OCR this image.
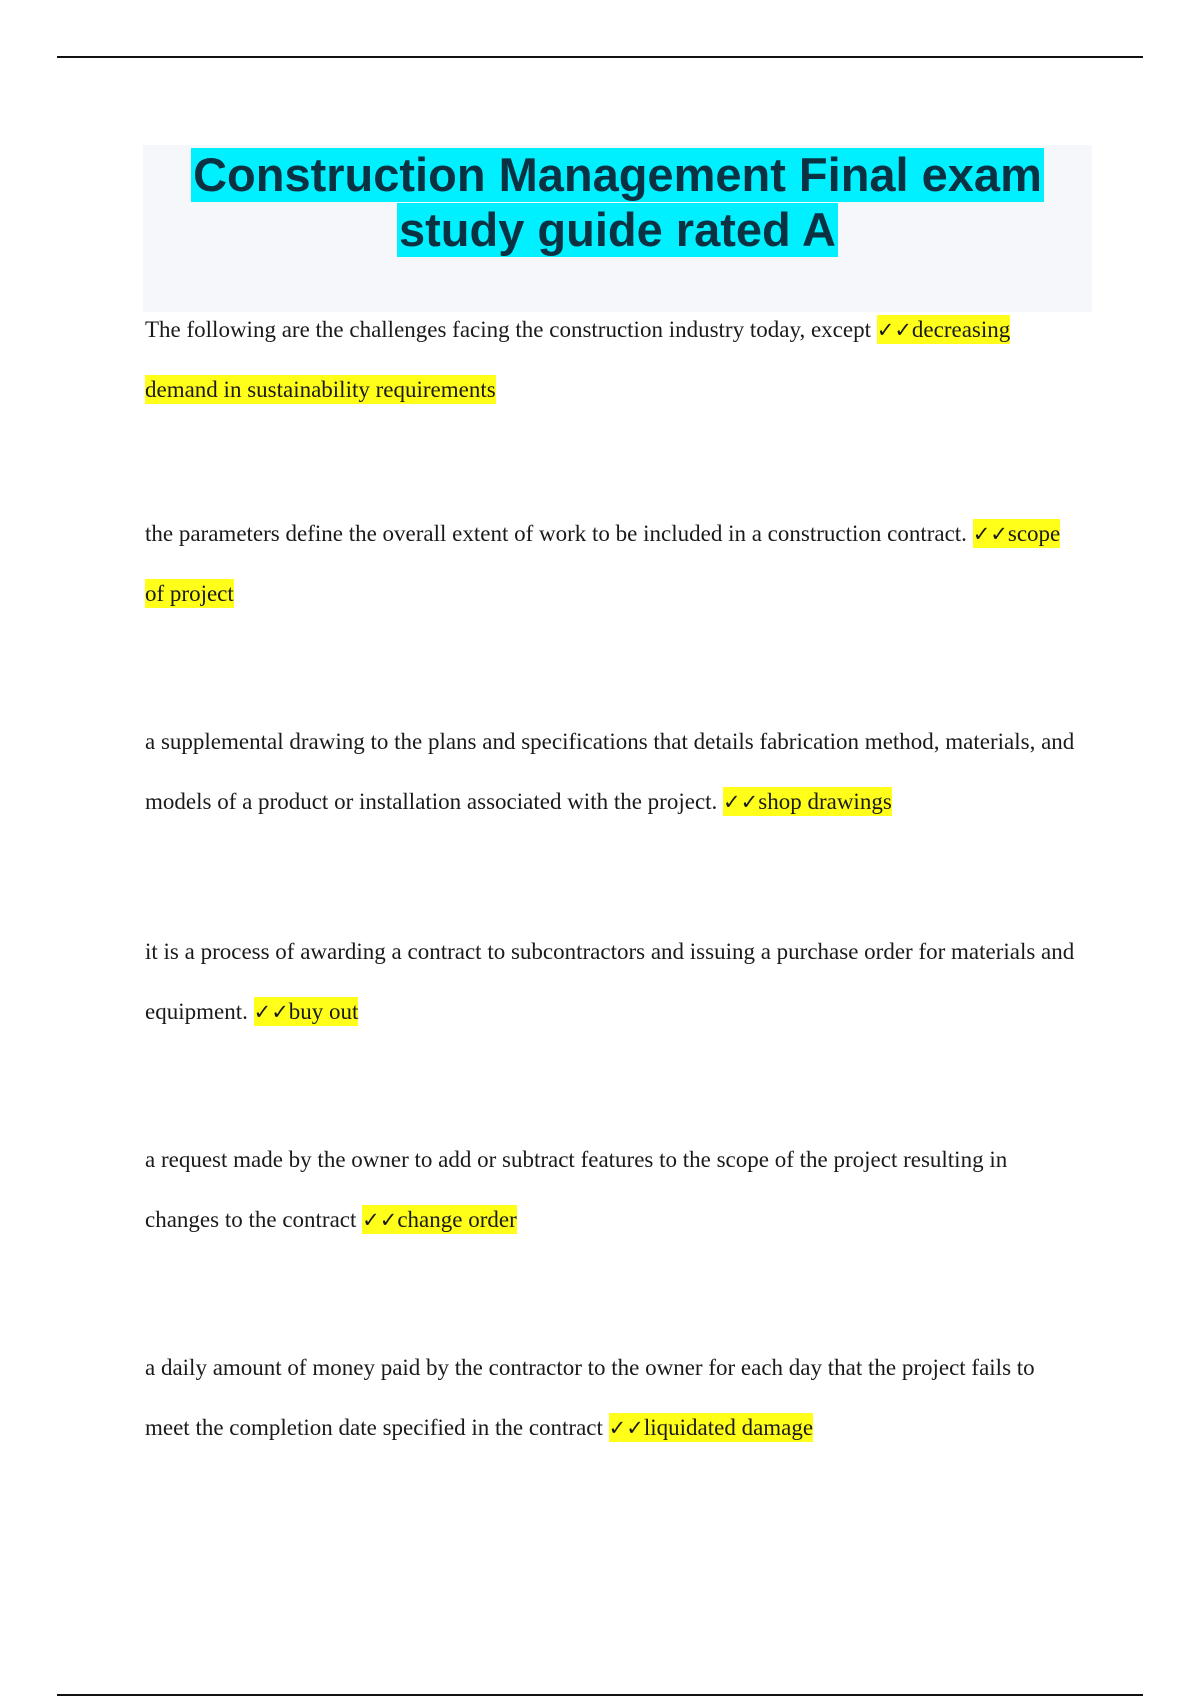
Construction Management Final exam
study guide rated A

The following are the challenges facing the construction industry today, except ✓✓decreasing demand in sustainability requirements

the parameters define the overall extent of work to be included in a construction contract. ✓✓scope of project

a supplemental drawing to the plans and specifications that details fabrication method, materials, and models of a product or installation associated with the project. ✓✓shop drawings

it is a process of awarding a contract to subcontractors and issuing a purchase order for materials and equipment. ✓✓buy out

a request made by the owner to add or subtract features to the scope of the project resulting in changes to the contract ✓✓change order

a daily amount of money paid by the contractor to the owner for each day that the project fails to meet the completion date specified in the contract ✓✓liquidated damage
